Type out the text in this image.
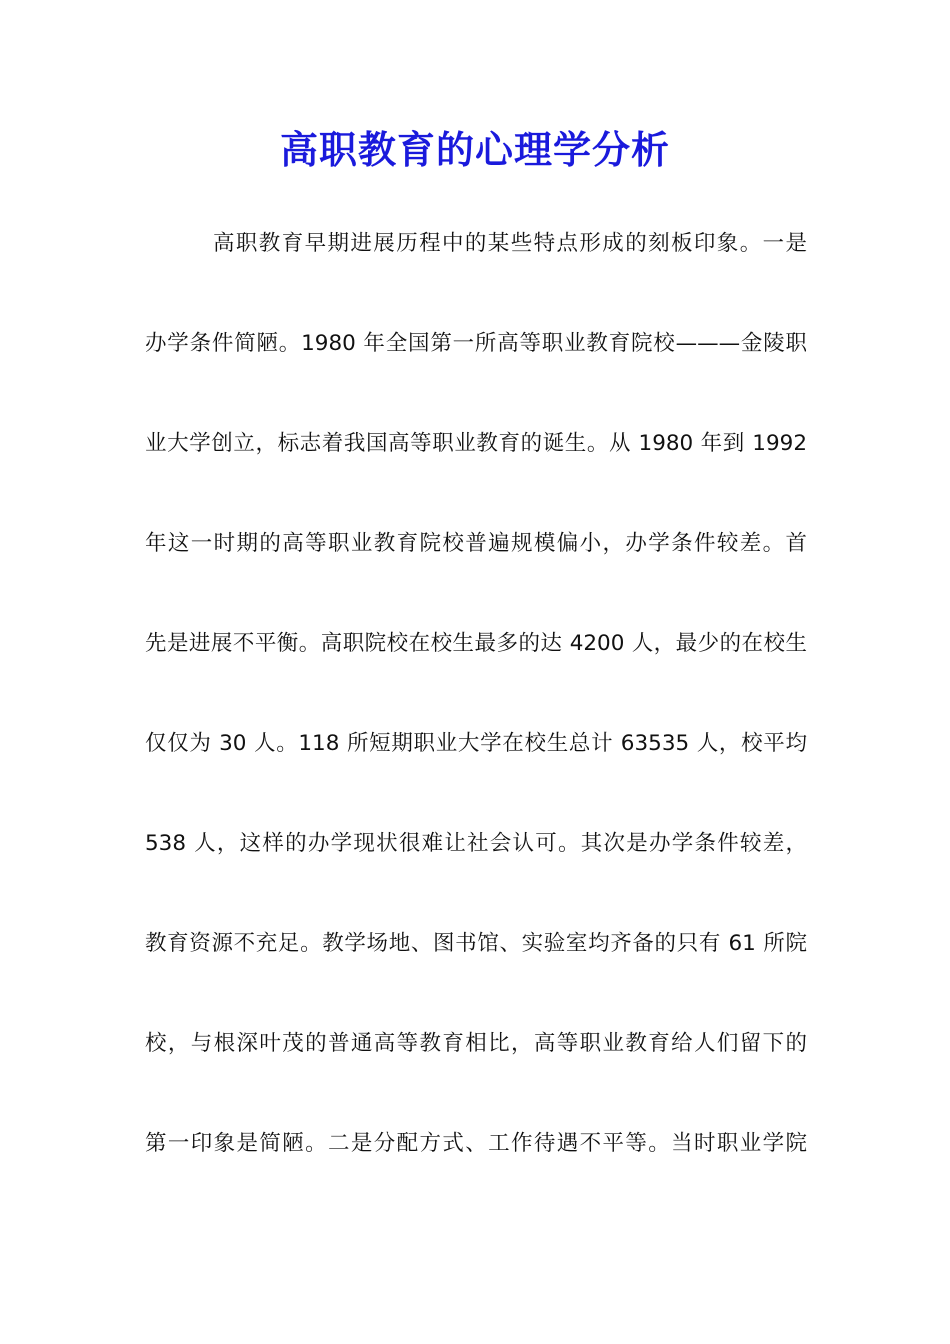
高职教育的心理学分析
高职教育早期进展历程中的某些特点形成的刻板印象。一是
办学条件简陋。1980 年全国第一所高等职业教育院校———金陵职
业大学创立，标志着我国高等职业教育的诞生。从 1980 年到 1992
年这一时期的高等职业教育院校普遍规模偏小，办学条件较差。首
先是进展不平衡。高职院校在校生最多的达 4200 人，最少的在校生
仅仅为 30 人。118 所短期职业大学在校生总计 63535 人，校平均
538 人，这样的办学现状很难让社会认可。其次是办学条件较差，
教育资源不充足。教学场地、图书馆、实验室均齐备的只有 61 所院
校，与根深叶茂的普通高等教育相比，高等职业教育给人们留下的
第一印象是简陋。二是分配方式、工作待遇不平等。当时职业学院
